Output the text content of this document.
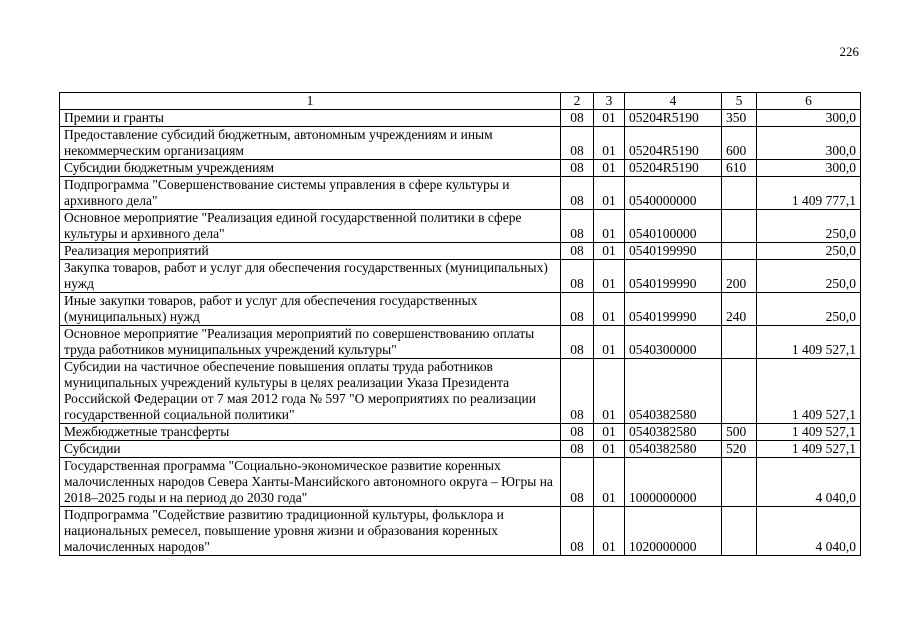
226
1	2	3	4	5	6
Премии и гранты	08	01	05204R5190	350	300,0
Предоставление субсидий бюджетным, автономным учреждениям и иным некоммерческим организациям	08	01	05204R5190	600	300,0
Субсидии бюджетным учреждениям	08	01	05204R5190	610	300,0
Подпрограмма "Совершенствование системы управления в сфере культуры и архивного дела"	08	01	0540000000		1 409 777,1
Основное мероприятие "Реализация единой государственной политики в сфере культуры и архивного дела"	08	01	0540100000		250,0
Реализация мероприятий	08	01	0540199990		250,0
Закупка товаров, работ и услуг для обеспечения государственных (муниципальных) нужд	08	01	0540199990	200	250,0
Иные закупки товаров, работ и услуг для обеспечения государственных (муниципальных) нужд	08	01	0540199990	240	250,0
Основное мероприятие "Реализация мероприятий по совершенствованию оплаты труда работников муниципальных учреждений культуры"	08	01	0540300000		1 409 527,1
Субсидии на частичное обеспечение повышения оплаты труда работников муниципальных учреждений культуры в целях реализации Указа Президента Российской Федерации от 7 мая 2012 года № 597 "О мероприятиях по реализации государственной социальной политики"	08	01	0540382580		1 409 527,1
Межбюджетные трансферты	08	01	0540382580	500	1 409 527,1
Субсидии	08	01	0540382580	520	1 409 527,1
Государственная программа "Социально-экономическое развитие коренных малочисленных народов Севера Ханты-Мансийского автономного округа – Югры на 2018–2025 годы и на период до 2030 года"	08	01	1000000000		4 040,0
Подпрограмма "Содействие развитию традиционной культуры, фольклора и национальных ремесел, повышение уровня жизни и образования коренных малочисленных народов"	08	01	1020000000		4 040,0
